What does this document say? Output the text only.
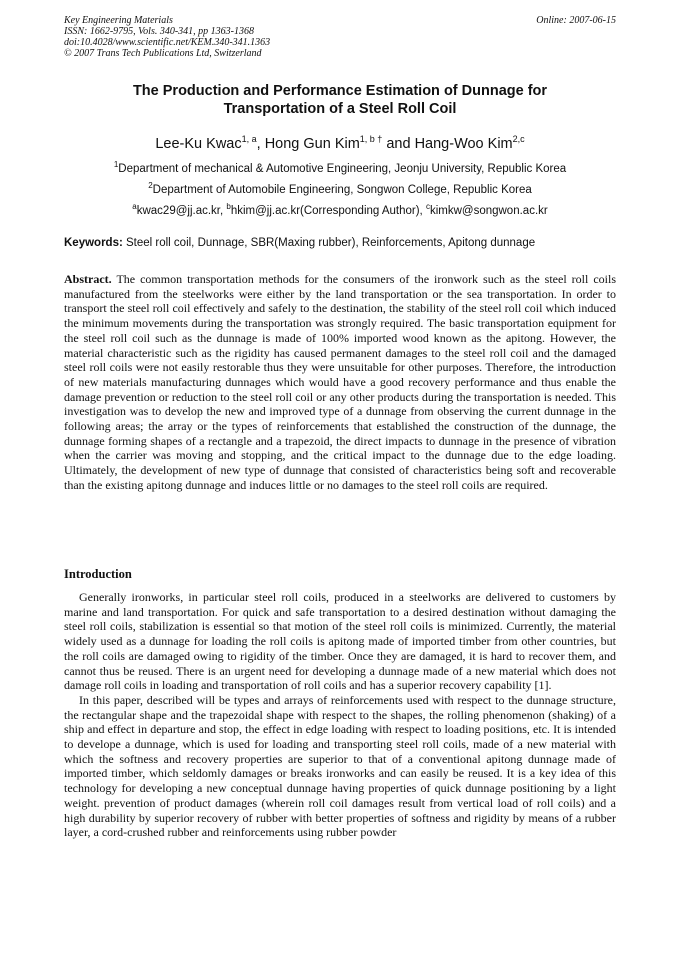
Key Engineering Materials
ISSN: 1662-9795, Vols. 340-341, pp 1363-1368
doi:10.4028/www.scientific.net/KEM.340-341.1363
© 2007 Trans Tech Publications Ltd, Switzerland
Online: 2007-06-15
The Production and Performance Estimation of Dunnage for
Transportation of a Steel Roll Coil
Lee-Ku Kwac$^{1, a}$, Hong Gun Kim$^{1, b \dagger}$ and Hang-Woo Kim$^{2,c}$
$^1$Department of mechanical & Automotive Engineering, Jeonju University, Republic Korea
$^2$Department of Automobile Engineering, Songwon College, Republic Korea
$^a$kwac29@jj.ac.kr, $^b$hkim@jj.ac.kr(Corresponding Author), $^c$kimkw@songwon.ac.kr
Keywords: Steel roll coil, Dunnage, SBR(Maxing rubber), Reinforcements, Apitong dunnage
Abstract. The common transportation methods for the consumers of the ironwork such as the steel roll coils manufactured from the steelworks were either by the land transportation or the sea transportation. In order to transport the steel roll coil effectively and safely to the destination, the stability of the steel roll coil which induced the minimum movements during the transportation was strongly required. The basic transportation equipment for the steel roll coil such as the dunnage is made of 100% imported wood known as the apitong. However, the material characteristic such as the rigidity has caused permanent damages to the steel roll coil and the damaged steel roll coils were not easily restorable thus they were unsuitable for other purposes. Therefore, the introduction of new materials manufacturing dunnages which would have a good recovery performance and thus enable the damage prevention or reduction to the steel roll coil or any other products during the transportation is needed. This investigation was to develop the new and improved type of a dunnage from observing the current dunnage in the following areas; the array or the types of reinforcements that established the construction of the dunnage, the dunnage forming shapes of a rectangle and a trapezoid, the direct impacts to dunnage in the presence of vibration when the carrier was moving and stopping, and the critical impact to the dunnage due to the edge loading. Ultimately, the development of new type of dunnage that consisted of characteristics being soft and recoverable than the existing apitong dunnage and induces little or no damages to the steel roll coils are required.
Introduction

Generally ironworks, in particular steel roll coils, produced in a steelworks are delivered to customers by marine and land transportation. For quick and safe transportation to a desired destination without damaging the steel roll coils, stabilization is essential so that motion of the steel roll coils is minimized. Currently, the material widely used as a dunnage for loading the roll coils is apitong made of imported timber from other countries, but the roll coils are damaged owing to rigidity of the timber. Once they are damaged, it is hard to recover them, and cannot thus be reused. There is an urgent need for developing a dunnage made of a new material which does not damage roll coils in loading and transportation of roll coils and has a superior recovery capability [1].

In this paper, described will be types and arrays of reinforcements used with respect to the dunnage structure, the rectangular shape and the trapezoidal shape with respect to the shapes, the rolling phenomenon (shaking) of a ship and effect in departure and stop, the effect in edge loading with respect to loading positions, etc. It is intended to develope a dunnage, which is used for loading and transporting steel roll coils, made of a new material with which the softness and recovery properties are superior to that of a conventional apitong dunnage made of imported timber, which seldomly damages or breaks ironworks and can easily be reused. It is a key idea of this technology for developing a new conceptual dunnage having properties of quick dunnage positioning by a light weight. prevention of product damages (wherein roll coil damages result from vertical load of roll coils) and a high durability by superior recovery of rubber with better properties of softness and rigidity by means of a rubber layer, a cord-crushed rubber and reinforcements using rubber powder
